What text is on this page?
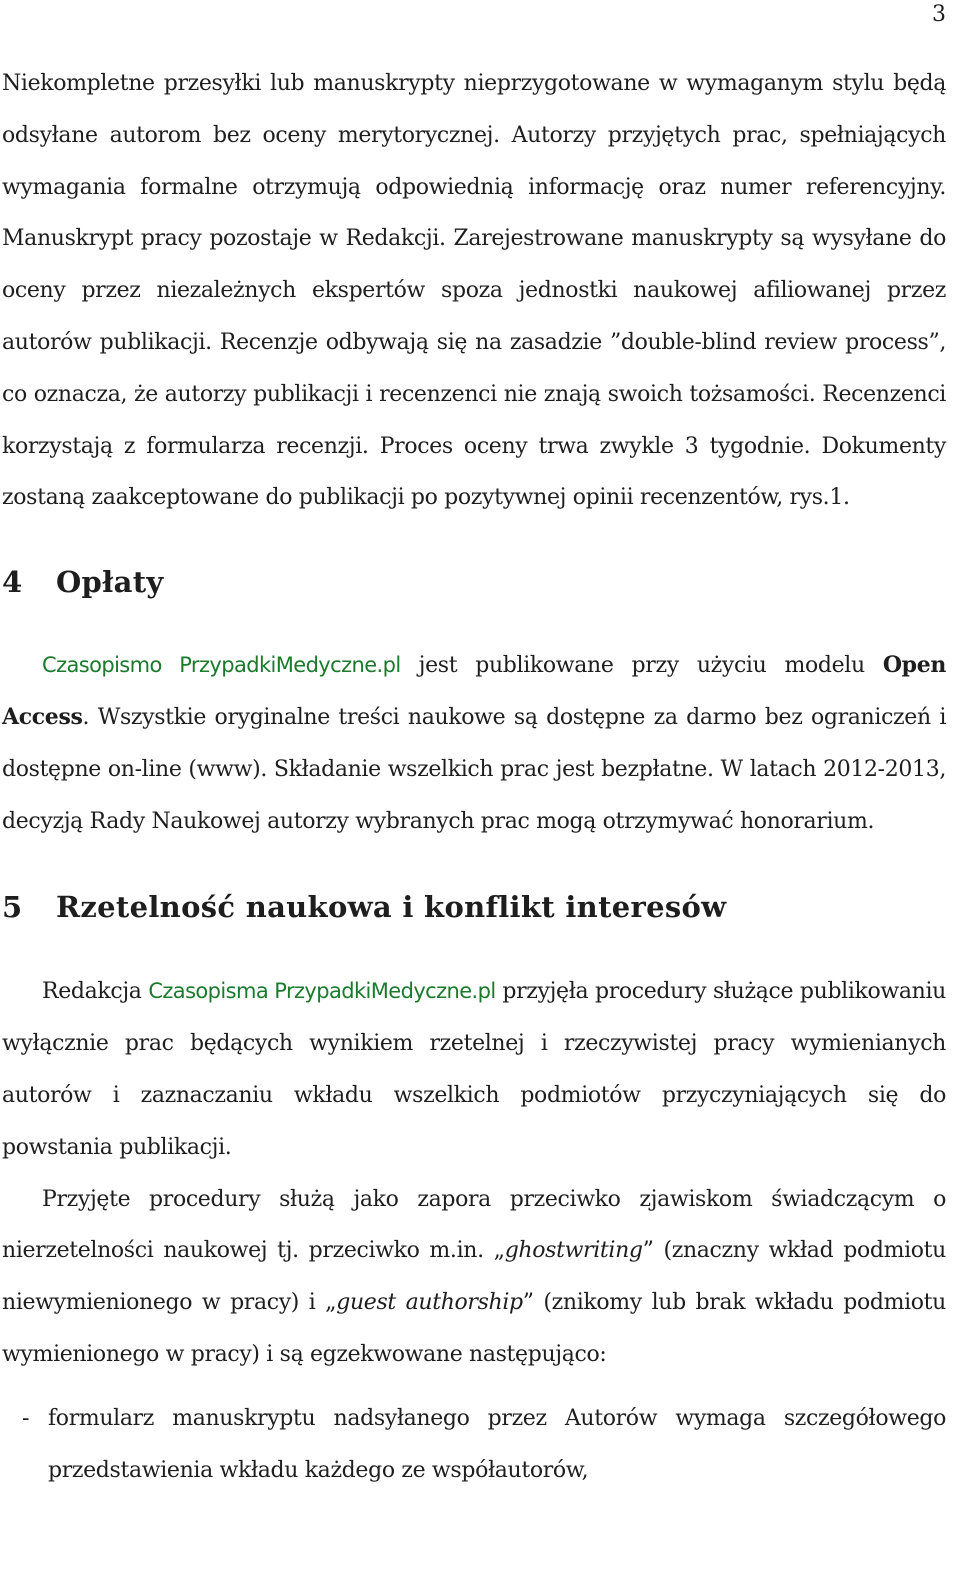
3

Niekompletne przesyłki lub manuskrypty nieprzygotowane w wymaganym stylu będą odsyłane autorom bez oceny merytorycznej. Autorzy przyjętych prac, spełniających wymagania formalne otrzymują odpowiednią informację oraz numer referencyjny. Manuskrypt pracy pozostaje w Redakcji. Zarejestrowane manuskrypty są wysyłane do oceny przez niezależnych ekspertów spoza jednostki naukowej afiliowanej przez autorów publikacji. Recenzje odbywają się na zasadzie ”double-blind review process”, co oznacza, że autorzy publikacji i recenzenci nie znają swoich tożsamości. Recenzenci korzystają z formularza recenzji. Proces oceny trwa zwykle 3 tygodnie. Dokumenty zostaną zaakceptowane do publikacji po pozytywnej opinii recenzentów, rys.1.

4 Opłaty

Czasopismo PrzypadkiMedyczne.pl jest publikowane przy użyciu modelu Open Access. Wszystkie oryginalne treści naukowe są dostępne za darmo bez ograniczeń i dostępne on-line (www). Składanie wszelkich prac jest bezpłatne. W latach 2012-2013, decyzją Rady Naukowej autorzy wybranych prac mogą otrzymywać honorarium.

5 Rzetelność naukowa i konflikt interesów

Redakcja Czasopisma PrzypadkiMedyczne.pl przyjęła procedury służące publikowaniu wyłącznie prac będących wynikiem rzetelnej i rzeczywistej pracy wymienianych autorów i zaznaczaniu wkładu wszelkich podmiotów przyczyniających się do powstania publikacji.

Przyjęte procedury służą jako zapora przeciwko zjawiskom świadczącym o nierzetelności naukowej tj. przeciwko m.in. „ghostwriting” (znaczny wkład podmiotu niewymienionego w pracy) i „guest authorship” (znikomy lub brak wkładu podmiotu wymienionego w pracy) i są egzekwowane następująco:

- formularz manuskryptu nadsyłanego przez Autorów wymaga szczegółowego przedstawienia wkładu każdego ze współautorów,
